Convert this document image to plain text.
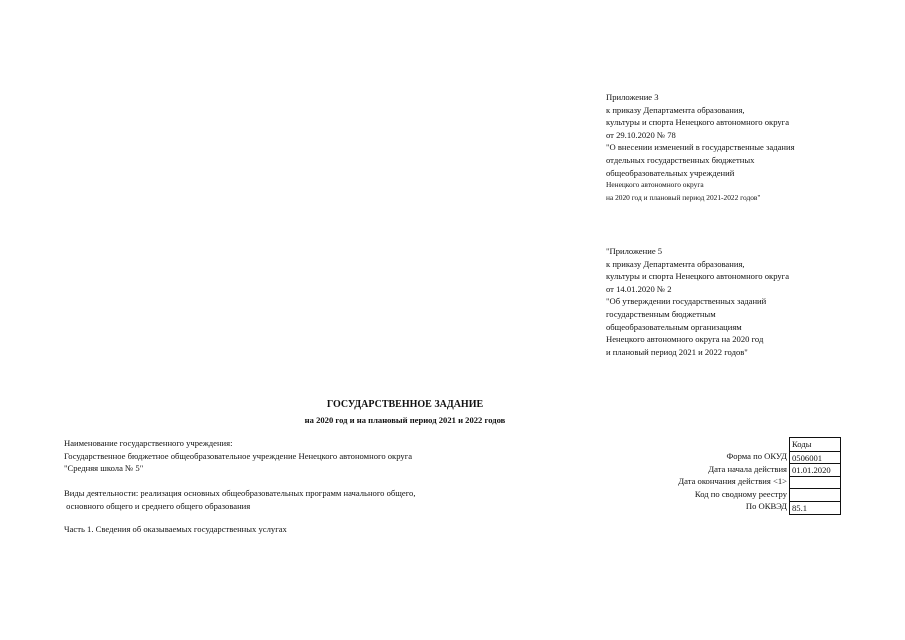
Приложение 3
к приказу Департамента образования,
культуры и спорта Ненецкого автономного округа
от 29.10.2020 № 78
"О внесении изменений в государственные задания
отдельных государственных бюджетных
общеобразовательных учреждений
Ненецкого автономного округа
на 2020 год и плановый период 2021-2022 годов"
"Приложение 5
к приказу Департамента образования,
культуры и спорта Ненецкого автономного округа
от 14.01.2020 № 2
"Об утверждении государственных заданий
государственным бюджетным
общеобразовательным организациям
Ненецкого автономного округа на 2020 год
и плановый период 2021 и 2022 годов"
ГОСУДАРСТВЕННОЕ ЗАДАНИЕ
на 2020 год и на плановый период 2021 и 2022 годов
Наименование государственного учреждения:
Государственное бюджетное общеобразовательное учреждение Ненецкого автономного округа
"Средняя школа № 5"
Виды деятельности: реализация основных общеобразовательных программ начального общего,
основного общего и среднего общего образования
Часть 1. Сведения об оказываемых государственных услугах
Форма по ОКУД
Дата начала действия
Дата окончания действия <1>
Код по сводному реестру
По ОКВЭД
Коды
0506001
01.01.2020
85.1
